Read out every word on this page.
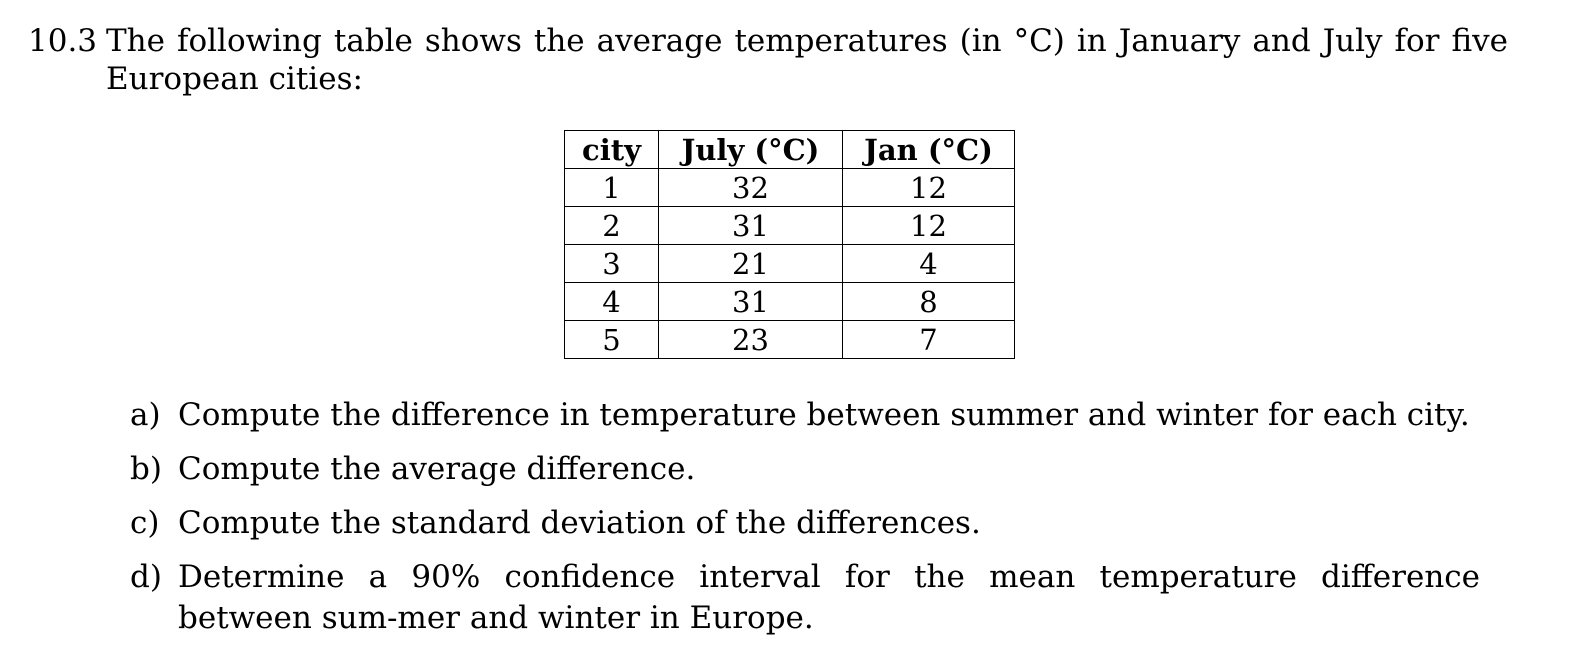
10.3 The following table shows the average temperatures (in °C) in January and July for five European cities:
city	July (°C)	Jan (°C)
1	32	12
2	31	12
3	21	4
4	31	8
5	23	7
a) Compute the difference in temperature between summer and winter for each city.
b) Compute the average difference.
c) Compute the standard deviation of the differences.
d) Determine a 90% confidence interval for the mean temperature difference between sum-mer and winter in Europe.
